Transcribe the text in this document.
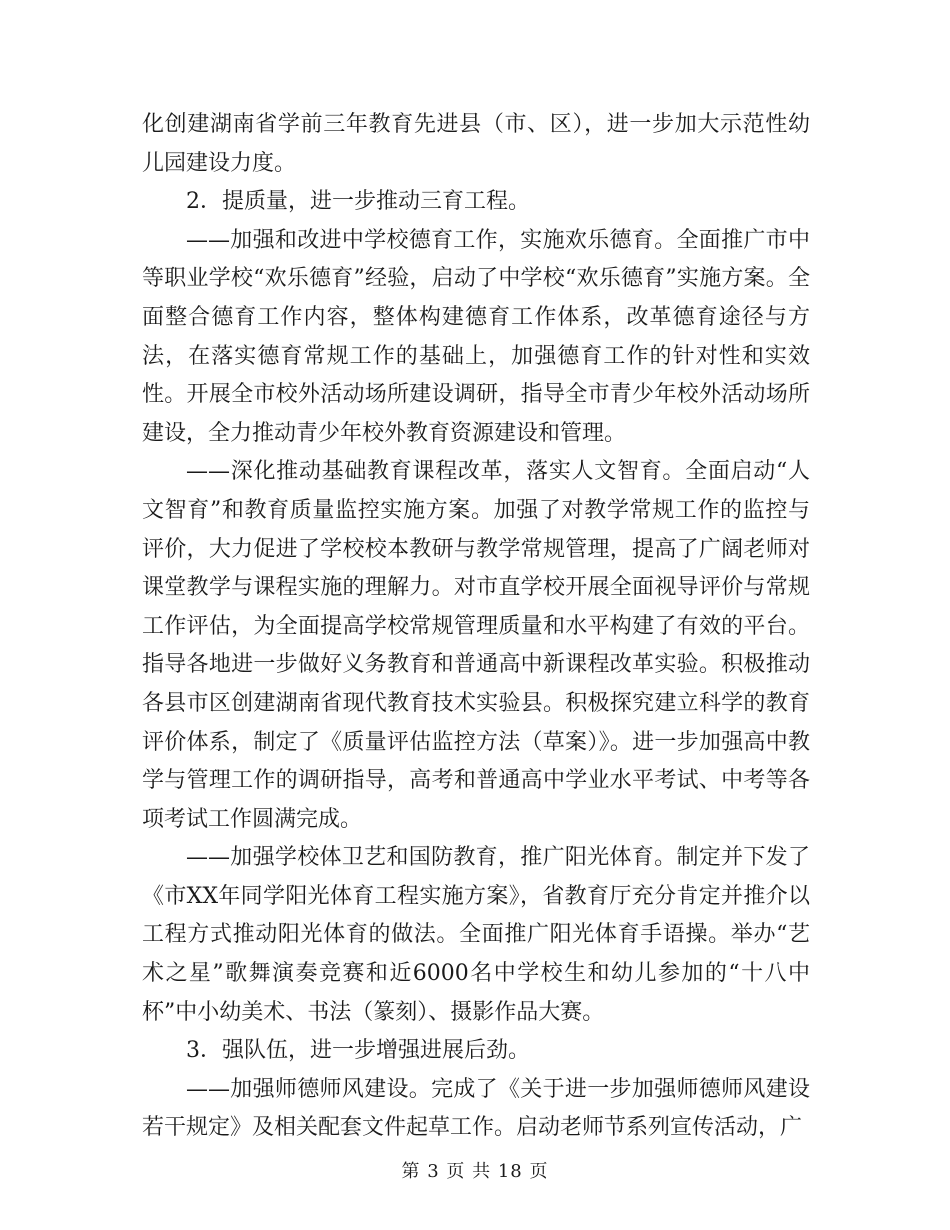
化创建湖南省学前三年教育先进县（市、区），进一步加大示范性幼儿园建设力度。

2．提质量，进一步推动三育工程。

——加强和改进中学校德育工作，实施欢乐德育。全面推广市中等职业学校“欢乐德育”经验，启动了中学校“欢乐德育”实施方案。全面整合德育工作内容，整体构建德育工作体系，改革德育途径与方法，在落实德育常规工作的基础上，加强德育工作的针对性和实效性。开展全市校外活动场所建设调研，指导全市青少年校外活动场所建设，全力推动青少年校外教育资源建设和管理。

——深化推动基础教育课程改革，落实人文智育。全面启动“人文智育”和教育质量监控实施方案。加强了对教学常规工作的监控与评价，大力促进了学校校本教研与教学常规管理，提高了广阔老师对课堂教学与课程实施的理解力。对市直学校开展全面视导评价与常规工作评估，为全面提高学校常规管理质量和水平构建了有效的平台。指导各地进一步做好义务教育和普通高中新课程改革实验。积极推动各县市区创建湖南省现代教育技术实验县。积极探究建立科学的教育评价体系，制定了《质量评估监控方法（草案）》。进一步加强高中教学与管理工作的调研指导，高考和普通高中学业水平考试、中考等各项考试工作圆满完成。

——加强学校体卫艺和国防教育，推广阳光体育。制定并下发了《市XX年同学阳光体育工程实施方案》，省教育厅充分肯定并推介以工程方式推动阳光体育的做法。全面推广阳光体育手语操。举办“艺术之星”歌舞演奏竞赛和近6000名中学校生和幼儿参加的“十八中杯”中小幼美术、书法（篆刻）、摄影作品大赛。

3．强队伍，进一步增强进展后劲。

——加强师德师风建设。完成了《关于进一步加强师德师风建设若干规定》及相关配套文件起草工作。启动老师节系列宣传活动，广

第 3 页 共 18 页
